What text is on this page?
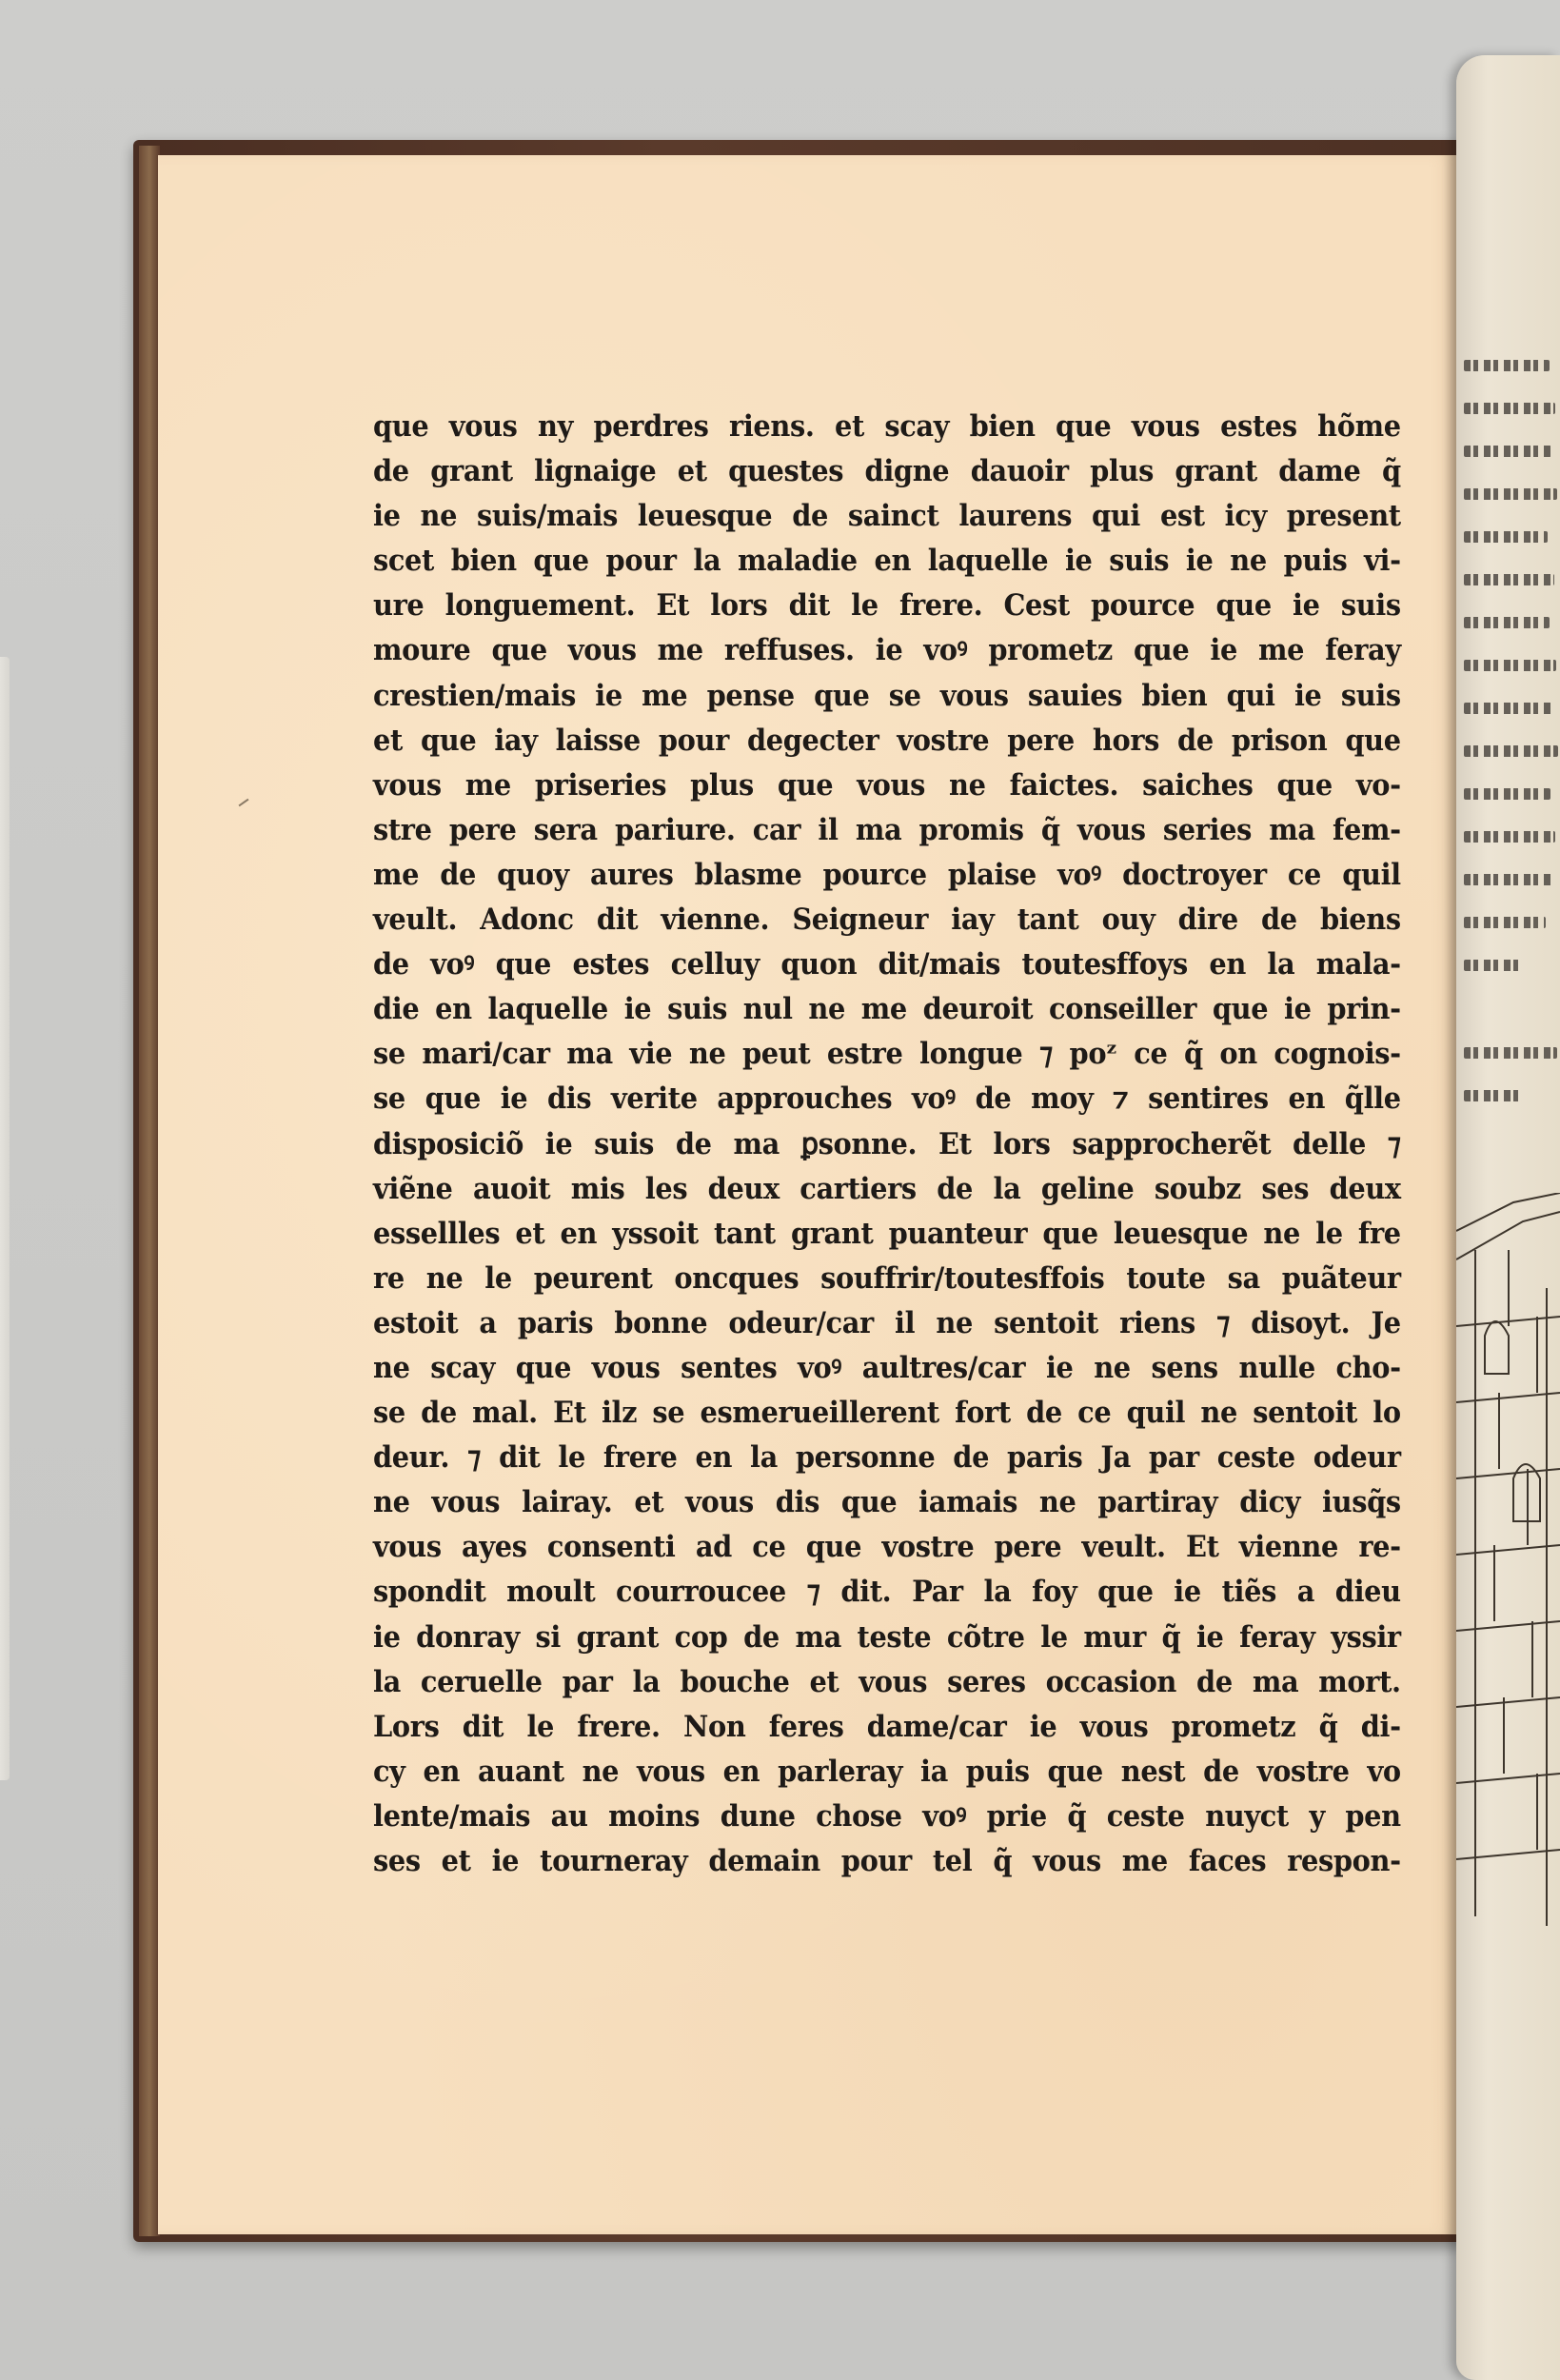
que vous ny perdres riens. et scay bien que vous estes hõme
de grant lignaige et questes digne dauoir plus grant dame q̃
ie ne suis/mais leuesque de sainct laurens qui est icy present
scet bien que pour la maladie en laquelle ie suis ie ne puis vi-
ure longuement. Et lors dit le frere. Cest pource que ie suis
moure que vous me reffuses. ie voꝰ prometz que ie me feray
crestien/mais ie me pense que se vous sauies bien qui ie suis
et que iay laisse pour degecter vostre pere hors de prison que
vous me priseries plus que vous ne faictes. saiches que vo-
stre pere sera pariure. car il ma promis q̃ vous series ma fem-
me de quoy aures blasme pource plaise voꝰ doctroyer ce quil
veult. Adonc dit vienne. Seigneur iay tant ouy dire de biens
de voꝰ que estes celluy quon dit/mais toutesffoys en la mala-
die en laquelle ie suis nul ne me deuroit conseiller que ie prin-
se mari/car ma vie ne peut estre longue ⁊ poᶻ ce q̃ on cognois-
se que ie dis verite approuches voꝰ de moy ⁊ sentires en q̃lle
disposiciõ ie suis de ma ꝑsonne. Et lors sapprocherẽt delle ⁊
viẽne auoit mis les deux cartiers de la geline soubz ses deux
essellles et en yssoit tant grant puanteur que leuesque ne le fre
re ne le peurent oncques souffrir/toutesffois toute sa puãteur
estoit a paris bonne odeur/car il ne sentoit riens ⁊ disoyt. Je
ne scay que vous sentes voꝰ aultres/car ie ne sens nulle cho-
se de mal. Et ilz se esmerueillerent fort de ce quil ne sentoit lo
deur. ⁊ dit le frere en la personne de paris Ja par ceste odeur
ne vous lairay. et vous dis que iamais ne partiray dicy iusq̃s
vous ayes consenti ad ce que vostre pere veult. Et vienne re-
spondit moult courroucee ⁊ dit. Par la foy que ie tiẽs a dieu
ie donray si grant cop de ma teste cõtre le mur q̃ ie feray yssir
la ceruelle par la bouche et vous seres occasion de ma mort.
Lors dit le frere. Non feres dame/car ie vous prometz q̃ di-
cy en auant ne vous en parleray ia puis que nest de vostre vo
lente/mais au moins dune chose voꝰ prie q̃ ceste nuyct y pen
ses et ie tourneray demain pour tel q̃ vous me faces respon-
